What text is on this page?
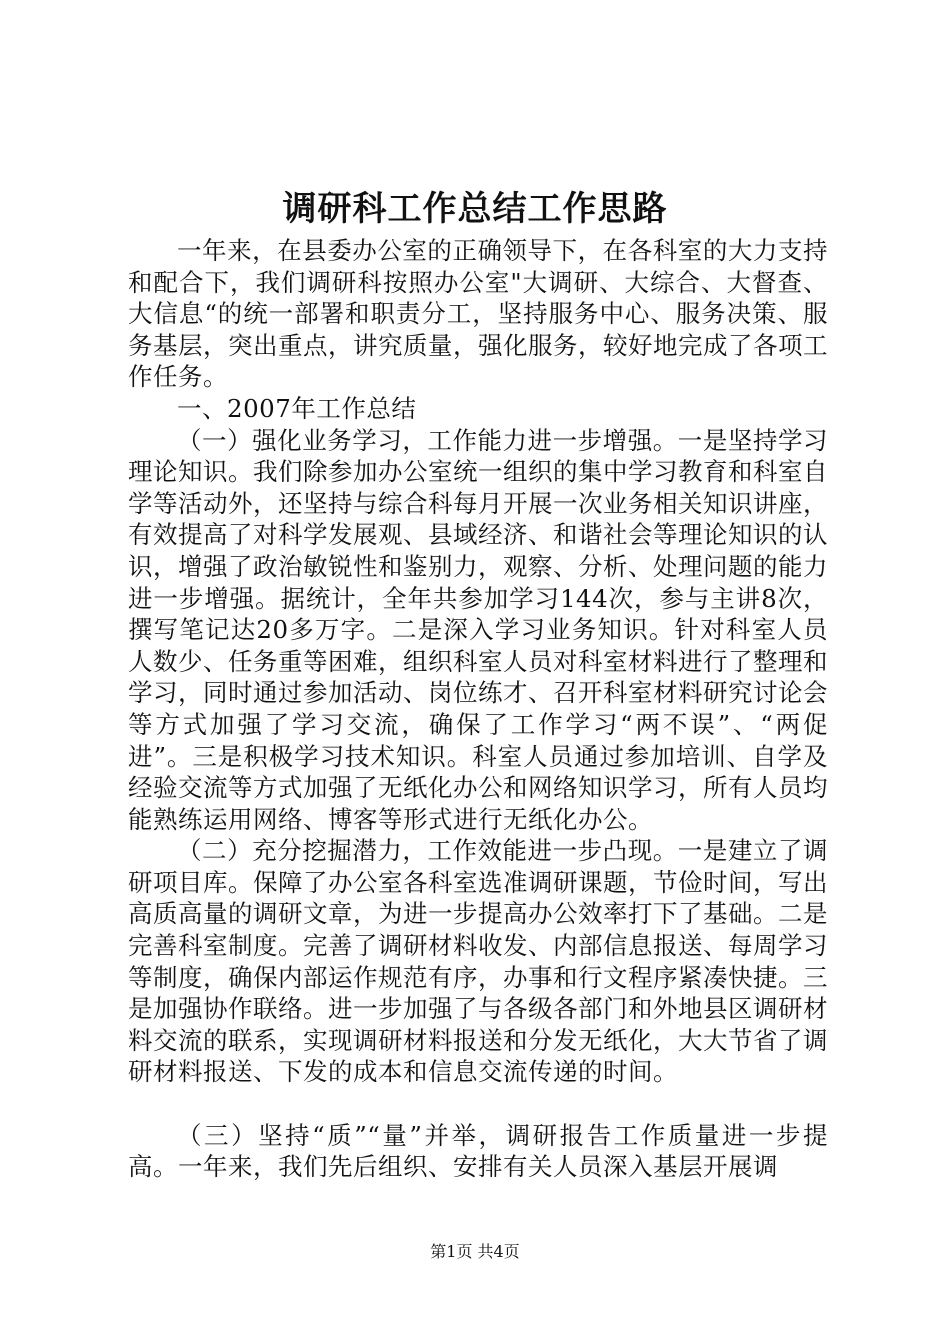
调研科工作总结工作思路

一年来，在县委办公室的正确领导下，在各科室的大力支持和配合下，我们调研科按照办公室"大调研、大综合、大督查、大信息“的统一部署和职责分工，坚持服务中心、服务决策、服务基层，突出重点，讲究质量，强化服务，较好地完成了各项工作任务。

一、2007年工作总结

（一）强化业务学习，工作能力进一步增强。一是坚持学习理论知识。我们除参加办公室统一组织的集中学习教育和科室自学等活动外，还坚持与综合科每月开展一次业务相关知识讲座，有效提高了对科学发展观、县域经济、和谐社会等理论知识的认识，增强了政治敏锐性和鉴别力，观察、分析、处理问题的能力进一步增强。据统计，全年共参加学习144次，参与主讲8次，撰写笔记达20多万字。二是深入学习业务知识。针对科室人员人数少、任务重等困难，组织科室人员对科室材料进行了整理和学习，同时通过参加活动、岗位练才、召开科室材料研究讨论会等方式加强了学习交流，确保了工作学习“两不误”、“两促进”。三是积极学习技术知识。科室人员通过参加培训、自学及经验交流等方式加强了无纸化办公和网络知识学习，所有人员均能熟练运用网络、博客等形式进行无纸化办公。

（二）充分挖掘潜力，工作效能进一步凸现。一是建立了调研项目库。保障了办公室各科室选准调研课题，节俭时间，写出高质高量的调研文章，为进一步提高办公效率打下了基础。二是完善科室制度。完善了调研材料收发、内部信息报送、每周学习等制度，确保内部运作规范有序，办事和行文程序紧凑快捷。三是加强协作联络。进一步加强了与各级各部门和外地县区调研材料交流的联系，实现调研材料报送和分发无纸化，大大节省了调研材料报送、下发的成本和信息交流传递的时间。

（三）坚持“质”“量”并举，调研报告工作质量进一步提高。一年来，我们先后组织、安排有关人员深入基层开展调

第1页 共4页
